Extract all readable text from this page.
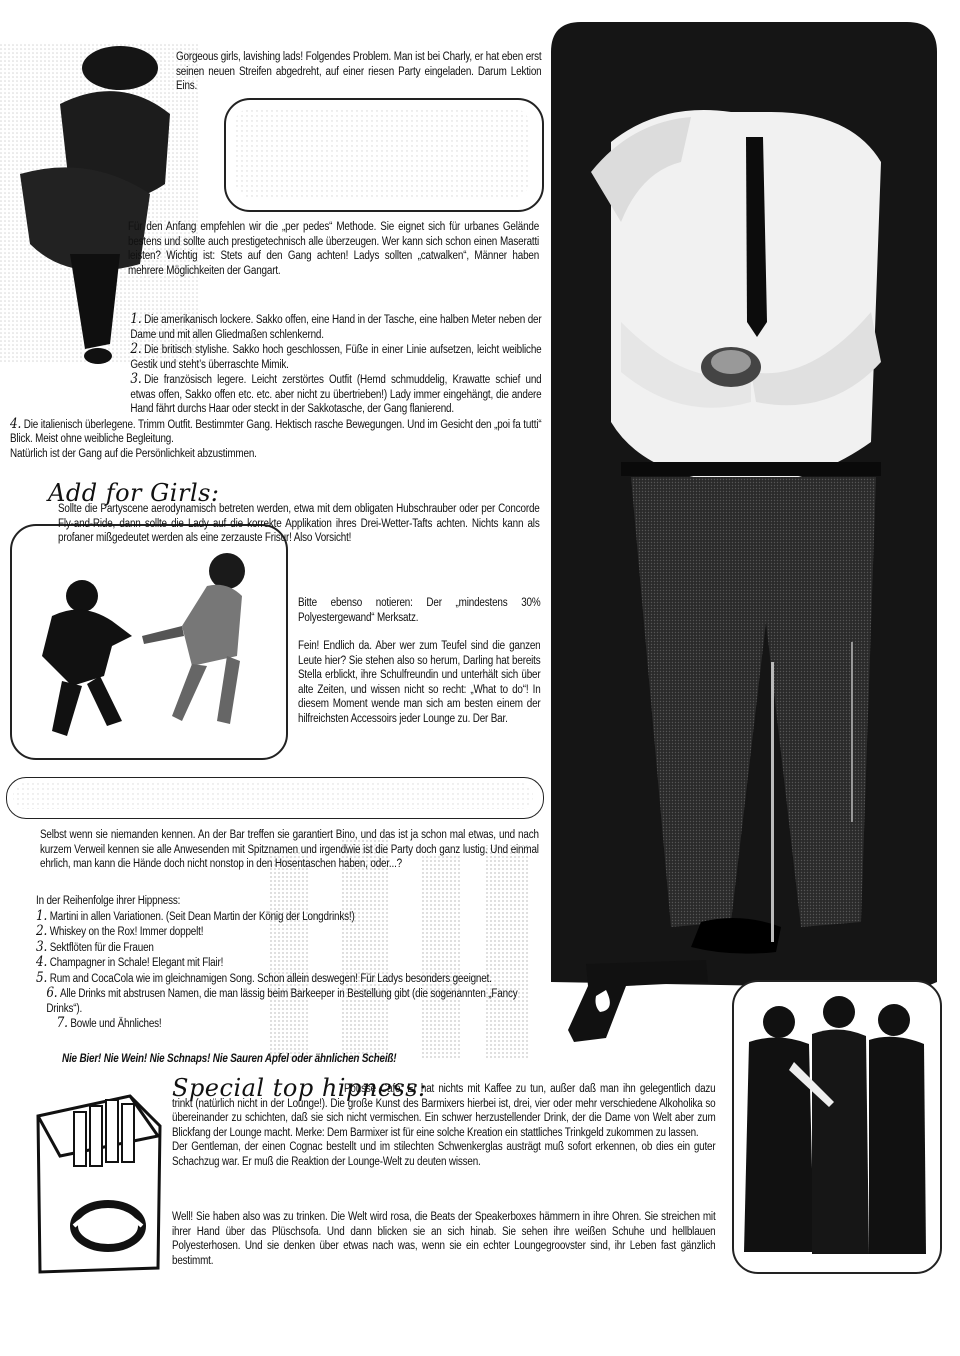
Gorgeous girls, lavishing lads! Folgendes Problem. Man ist bei Charly, er hat eben erst seinen neuen Streifen abgedreht, auf einer riesen Party eingeladen. Darum Lektion Eins.

Für den Anfang empfehlen wir die „per pedes“ Methode. Sie eignet sich für urbanes Gelände bestens und sollte auch prestigetechnisch alle überzeugen. Wer kann sich schon einen Maseratti leisten? Wichtig ist: Stets auf den Gang achten! Ladys sollten „catwalken“, Männer haben mehrere Möglichkeiten der Gangart.

1. Die amerikanisch lockere. Sakko offen, eine Hand in der Tasche, eine halben Meter neben der Dame und mit allen Gliedmaßen schlenkernd.

2. Die britisch stylishe. Sakko hoch geschlossen, Füße in einer Linie aufsetzen, leicht weibliche Gestik und steht’s überraschte Mimik.

3. Die französisch legere. Leicht zerstörtes Outfit (Hemd schmuddelig, Krawatte schief und etwas offen, Sakko offen etc. etc. aber nicht zu übertrieben!) Lady immer eingehängt, die andere Hand fährt durchs Haar oder steckt in der Sakkotasche, der Gang flanierend.

4. Die italienisch überlegene. Trimm Outfit. Bestimmter Gang. Hektisch rasche Bewegungen. Und im Gesicht den „poi fa tutti“ Blick. Meist ohne weibliche Begleitung.

Natürlich ist der Gang auf die Persönlichkeit abzustimmen.

Add for Girls:

Sollte die Partyscene aerodynamisch betreten werden, etwa mit dem obligaten Hubschrauber oder per Concorde Fly-and-Ride, dann sollte die Lady auf die korrekte Applikation ihres Drei-Wetter-Tafts achten. Nichts kann als profaner mißgedeutet werden als eine zerzauste Frisur! Also Vorsicht!

Bitte ebenso notieren: Der „mindestens 30% Polyestergewand“ Merksatz.

Fein! Endlich da. Aber wer zum Teufel sind die ganzen Leute hier? Sie stehen also so herum, Darling hat bereits Stella erblickt, ihre Schulfreundin und unterhält sich über alte Zeiten, und wissen nicht so recht: „What to do“! In diesem Moment wende man sich am besten einem der hilfreichsten Accessoirs jeder Lounge zu. Der Bar.

Selbst wenn sie niemanden kennen. An der Bar treffen sie garantiert Bino, und das ist ja schon mal etwas, und nach kurzem Verweil kennen sie alle Anwesenden mit Spitznamen und irgendwie ist die Party doch ganz lustig. Und einmal ehrlich, man kann die Hände doch nicht nonstop in den Hosentaschen haben, oder...?

In der Reihenfolge ihrer Hippness:

1. Martini in allen Variationen. (Seit Dean Martin der König der Longdrinks!)

2. Whiskey on the Rox! Immer doppelt!

3. Sektflöten für die Frauen

4. Champagner in Schale! Elegant mit Flair!

5. Rum and CocaCola wie im gleichnamigen Song. Schon allein deswegen! Für Ladys besonders geeignet.

6. Alle Drinks mit abstrusen Namen, die man lässig beim Barkeeper in Bestellung gibt (die sogenannten „Fancy Drinks“).

7. Bowle und Ähnliches!

Nie Bier! Nie Wein! Nie Schnaps! Nie Sauren Apfel oder ähnlichen Scheiß!
Special top hipness:

Pousse Café: Er hat nichts mit Kaffee zu tun, außer daß man ihn gelegentlich dazu trinkt (natürlich nicht in der Lounge!). Die große Kunst des Barmixers hierbei ist, drei, vier oder mehr verschiedene Alkoholika so übereinander zu schichten, daß sie sich nicht vermischen. Ein schwer herzustellender Drink, der die Dame von Welt aber zum Blickfang der Lounge macht. Merke: Dem Barmixer ist für eine solche Kreation ein stattliches Trinkgeld zukommen zu lassen.

Der Gentleman, der einen Cognac bestellt und im stilechten Schwenkerglas austrägt muß sofort erkennen, ob dies ein guter Schachzug war. Er muß die Reaktion der Lounge-Welt zu deuten wissen.

Well! Sie haben also was zu trinken. Die Welt wird rosa, die Beats der Speakerboxes hämmern in ihre Ohren. Sie streichen mit ihrer Hand über das Plüschsofa. Und dann blicken sie an sich hinab. Sie sehen ihre weißen Schuhe und hellblauen Polyesterhosen. Und sie denken über etwas nach was, wenn sie ein echter Loungegroovster sind, ihr Leben fast gänzlich bestimmt.
